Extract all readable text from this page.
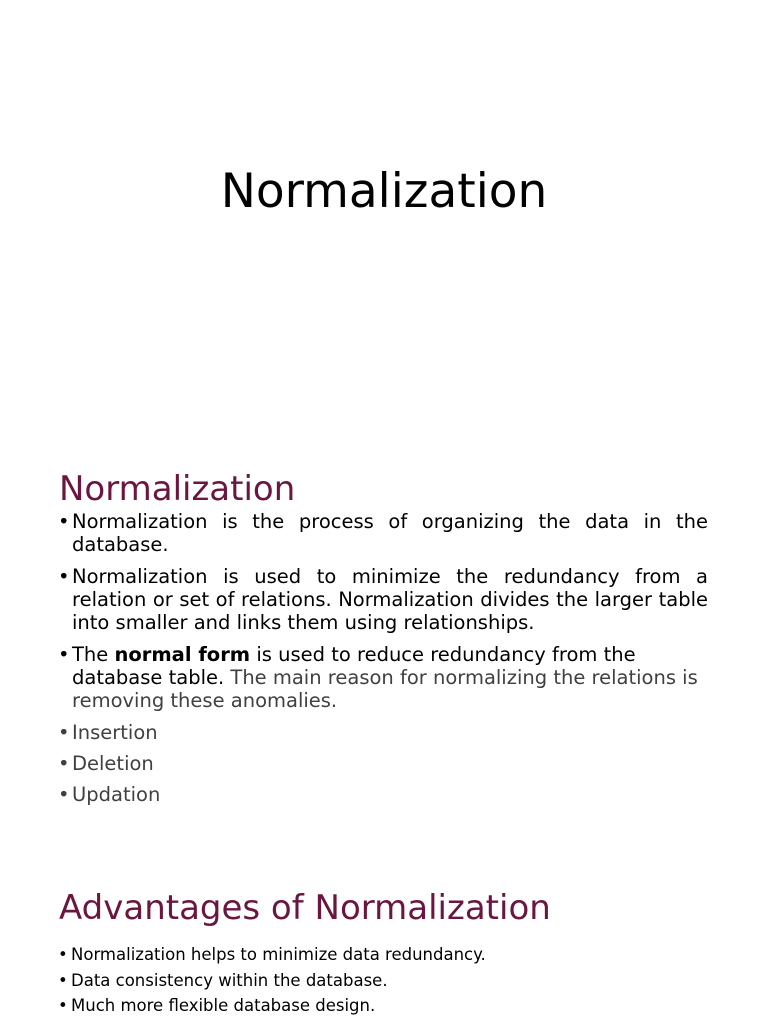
Normalization
Normalization
• Normalization is the process of organizing the data in the database.
• Normalization is used to minimize the redundancy from a relation or set of relations. Normalization divides the larger table into smaller and links them using relationships.
• The normal form is used to reduce redundancy from the database table. The main reason for normalizing the relations is removing these anomalies.
• Insertion
• Deletion
• Updation
Advantages of Normalization
• Normalization helps to minimize data redundancy.
• Data consistency within the database.
• Much more flexible database design.
